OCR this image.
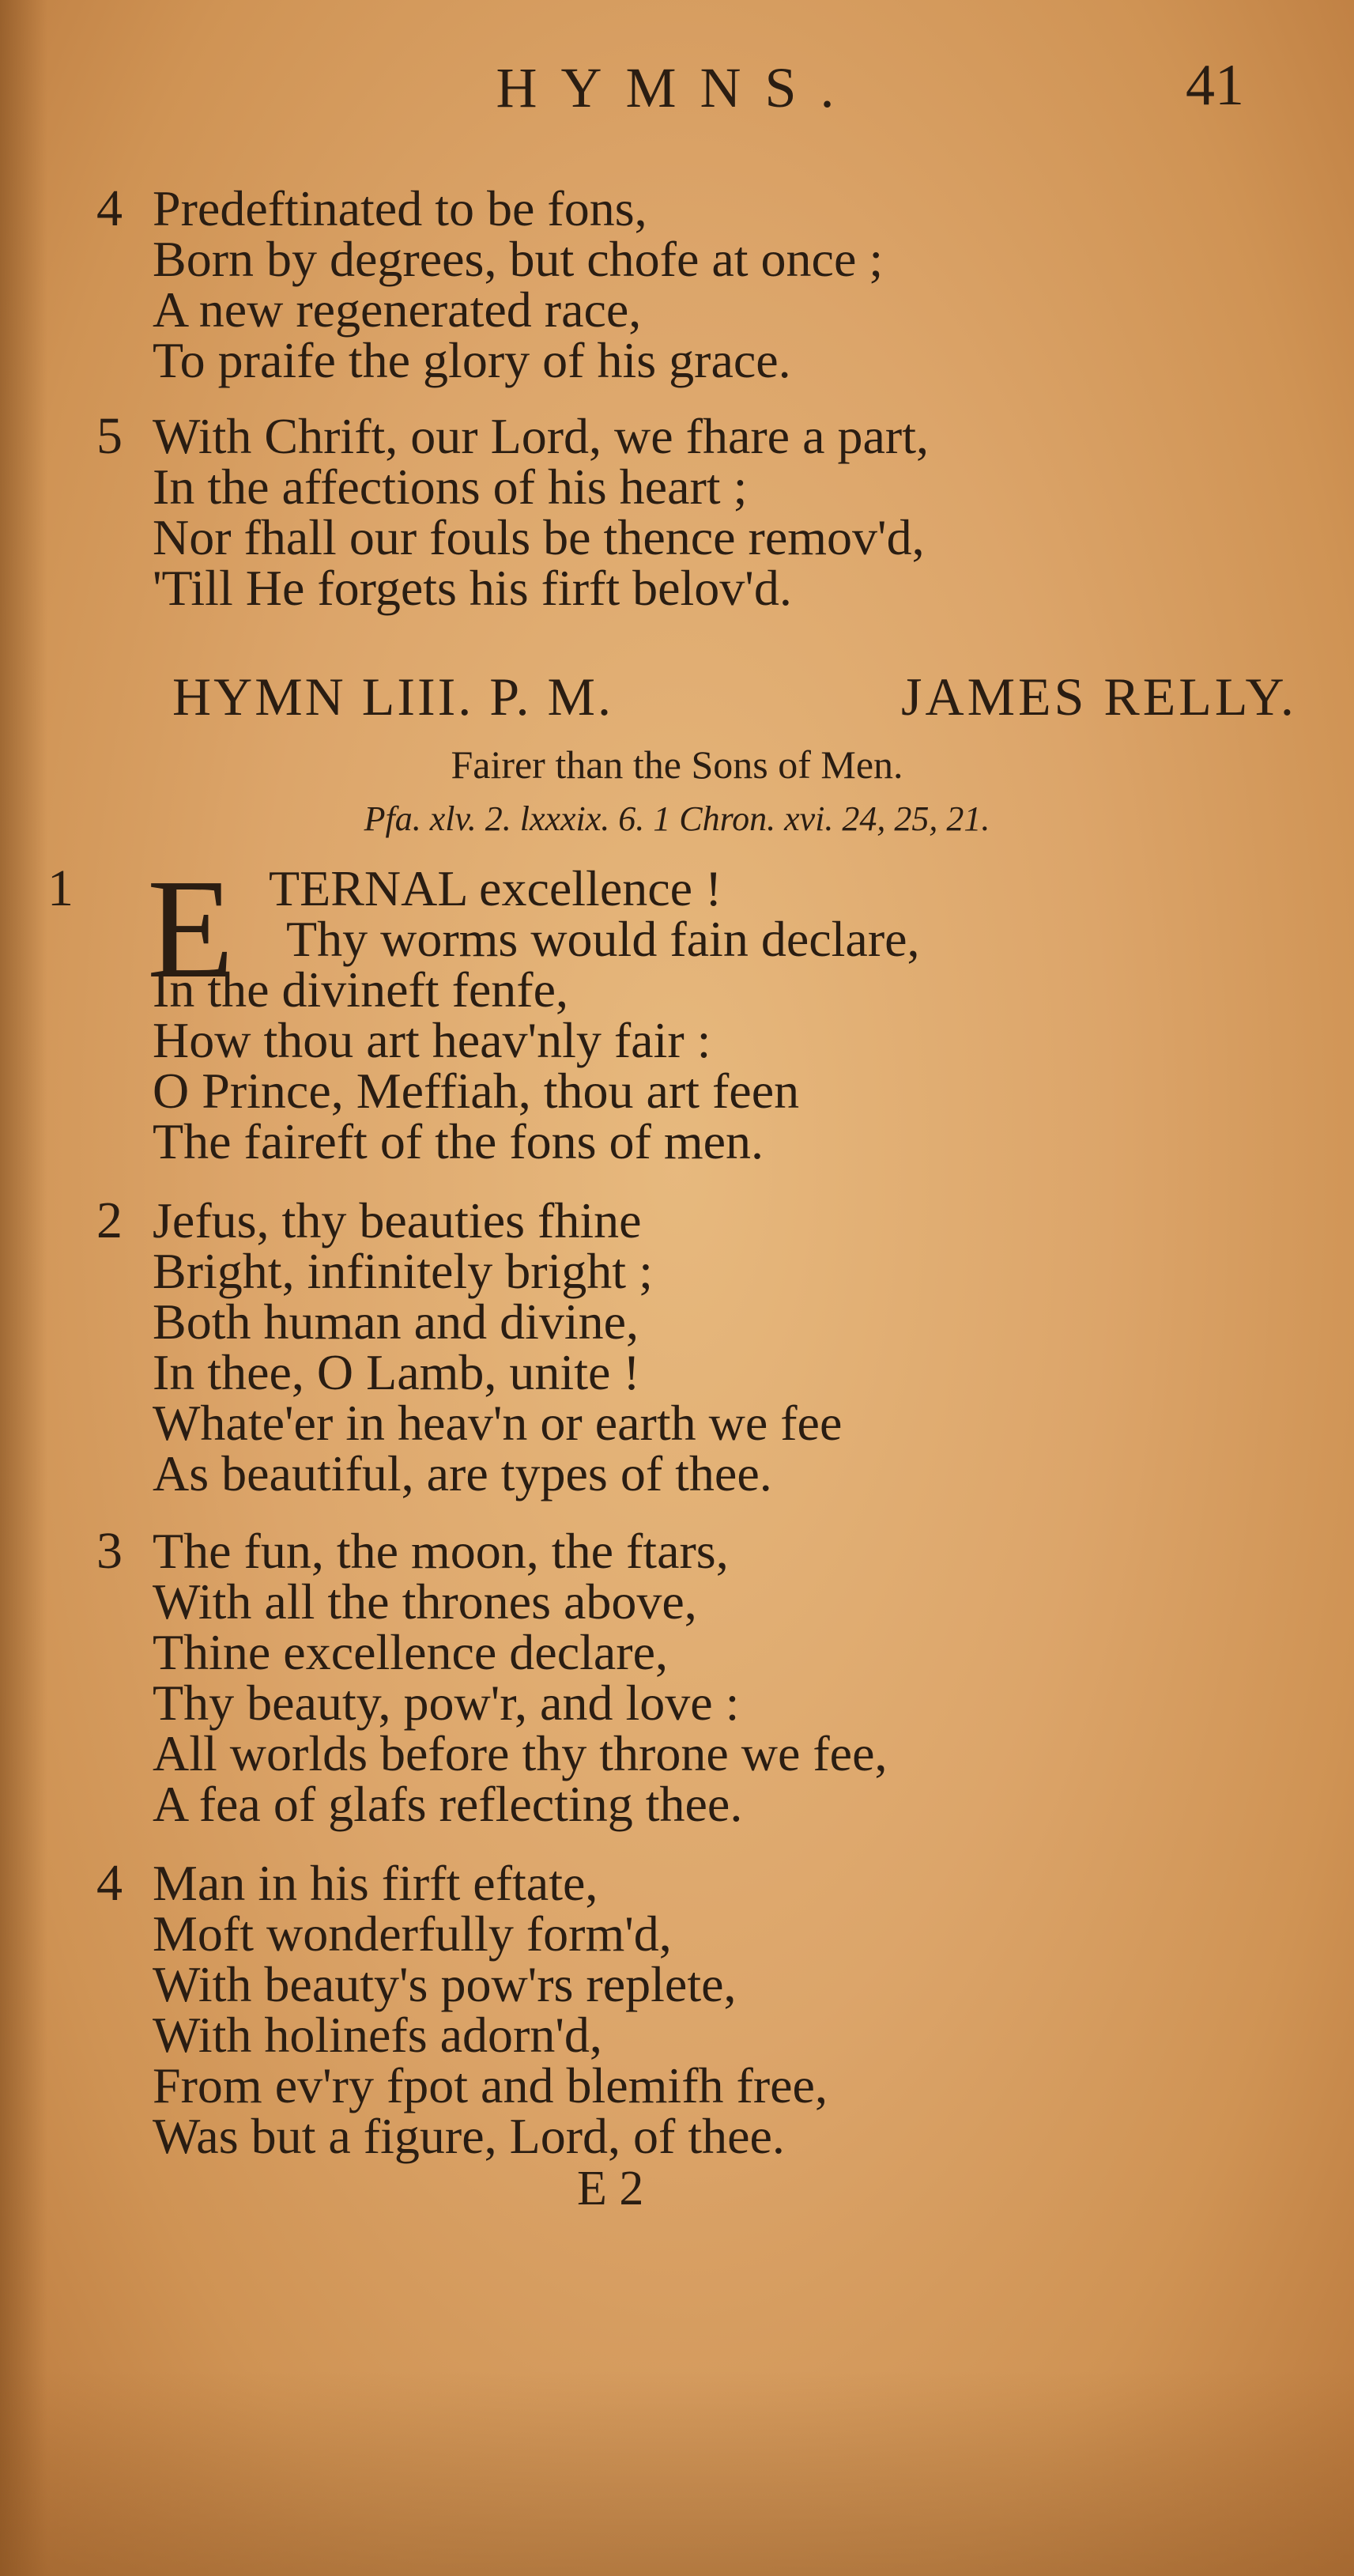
HYMNS.	41
4 Predeftinated to be fons,
Born by degrees, but chofe at once ;
A new regenerated race,
To praife the glory of his grace.
5 With Chrift, our Lord, we fhare a part,
In the affections of his heart ;
Nor fhall our fouls be thence remov'd,
'Till He forgets his firft belov'd.
HYMN LIII. P. M.	JAMES RELLY.
Fairer than the Sons of Men.
Pfa. xlv. 2. lxxxix. 6. 1 Chron. xvi. 24, 25, 21.
1 E TERNAL excellence !
Thy worms would fain declare,
In the divineft fenfe,
How thou art heav'nly fair :
O Prince, Meffiah, thou art feen
The faireft of the fons of men.
2 Jefus, thy beauties fhine
Bright, infinitely bright ;
Both human and divine,
In thee, O Lamb, unite !
Whate'er in heav'n or earth we fee
As beautiful, are types of thee.
3 The fun, the moon, the ftars,
With all the thrones above,
Thine excellence declare,
Thy beauty, pow'r, and love :
All worlds before thy throne we fee,
A fea of glafs reflecting thee.
4 Man in his firft eftate,
Moft wonderfully form'd,
With beauty's pow'rs replete,
With holinefs adorn'd,
From ev'ry fpot and blemifh free,
Was but a figure, Lord, of thee.
E 2
